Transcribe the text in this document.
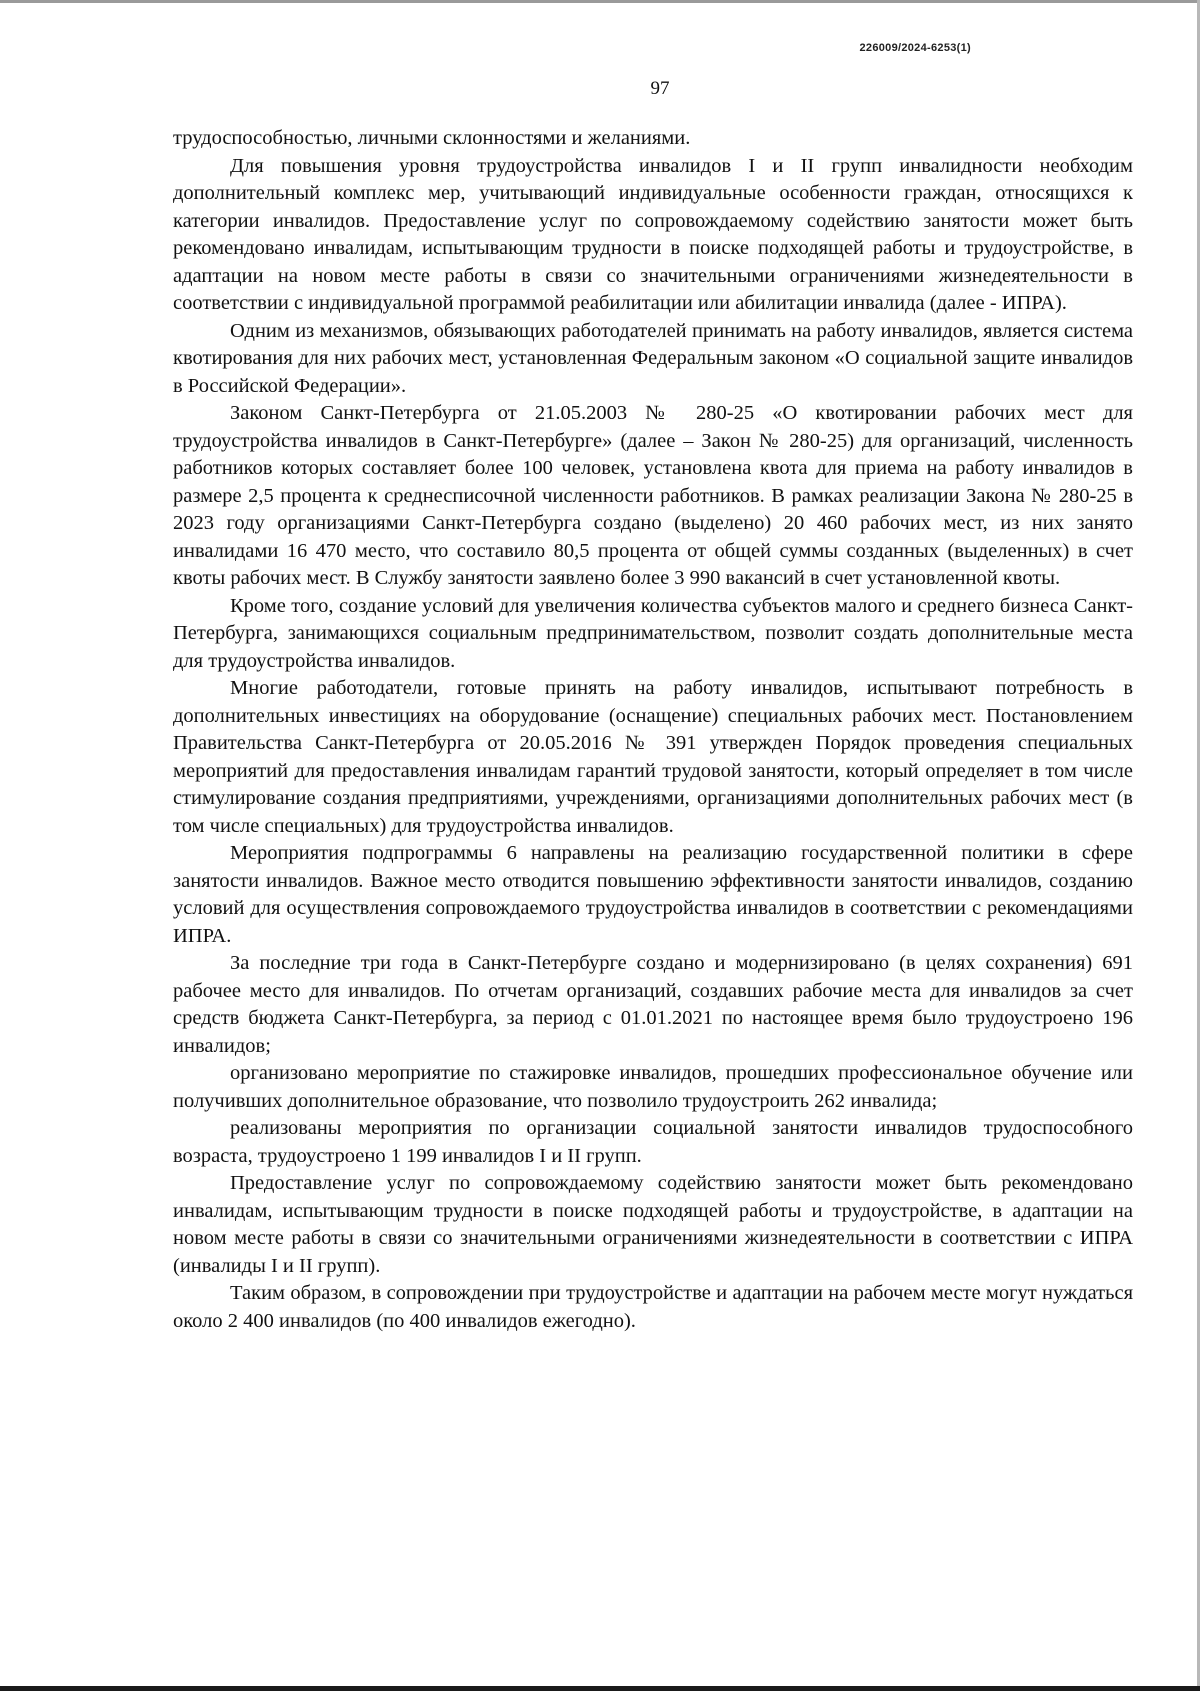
226009/2024-6253(1)
97

трудоспособностью, личными склонностями и желаниями.

Для повышения уровня трудоустройства инвалидов I и II групп инвалидности необходим дополнительный комплекс мер, учитывающий индивидуальные особенности граждан, относящихся к категории инвалидов. Предоставление услуг по сопровождаемому содействию занятости может быть рекомендовано инвалидам, испытывающим трудности в поиске подходящей работы и трудоустройстве, в адаптации на новом месте работы в связи со значительными ограничениями жизнедеятельности в соответствии с индивидуальной программой реабилитации или абилитации инвалида (далее - ИПРА).

Одним из механизмов, обязывающих работодателей принимать на работу инвалидов, является система квотирования для них рабочих мест, установленная Федеральным законом «О социальной защите инвалидов в Российской Федерации».

Законом Санкт-Петербурга от 21.05.2003 № 280-25 «О квотировании рабочих мест для трудоустройства инвалидов в Санкт-Петербурге» (далее – Закон № 280-25) для организаций, численность работников которых составляет более 100 человек, установлена квота для приема на работу инвалидов в размере 2,5 процента к среднесписочной численности работников. В рамках реализации Закона № 280-25 в 2023 году организациями Санкт-Петербурга создано (выделено) 20 460 рабочих мест, из них занято инвалидами 16 470 место, что составило 80,5 процента от общей суммы созданных (выделенных) в счет квоты рабочих мест. В Службу занятости заявлено более 3 990 вакансий в счет установленной квоты.

Кроме того, создание условий для увеличения количества субъектов малого и среднего бизнеса Санкт-Петербурга, занимающихся социальным предпринимательством, позволит создать дополнительные места для трудоустройства инвалидов.

Многие работодатели, готовые принять на работу инвалидов, испытывают потребность в дополнительных инвестициях на оборудование (оснащение) специальных рабочих мест. Постановлением Правительства Санкт-Петербурга от 20.05.2016 № 391 утвержден Порядок проведения специальных мероприятий для предоставления инвалидам гарантий трудовой занятости, который определяет в том числе стимулирование создания предприятиями, учреждениями, организациями дополнительных рабочих мест (в том числе специальных) для трудоустройства инвалидов.

Мероприятия подпрограммы 6 направлены на реализацию государственной политики в сфере занятости инвалидов. Важное место отводится повышению эффективности занятости инвалидов, созданию условий для осуществления сопровождаемого трудоустройства инвалидов в соответствии с рекомендациями ИПРА.

За последние три года в Санкт-Петербурге создано и модернизировано (в целях сохранения) 691 рабочее место для инвалидов. По отчетам организаций, создавших рабочие места для инвалидов за счет средств бюджета Санкт-Петербурга, за период с 01.01.2021 по настоящее время было трудоустроено 196 инвалидов;

организовано мероприятие по стажировке инвалидов, прошедших профессиональное обучение или получивших дополнительное образование, что позволило трудоустроить 262 инвалида;

реализованы мероприятия по организации социальной занятости инвалидов трудоспособного возраста, трудоустроено 1 199 инвалидов I и II групп.

Предоставление услуг по сопровождаемому содействию занятости может быть рекомендовано инвалидам, испытывающим трудности в поиске подходящей работы и трудоустройстве, в адаптации на новом месте работы в связи со значительными ограничениями жизнедеятельности в соответствии с ИПРА (инвалиды I и II групп).

Таким образом, в сопровождении при трудоустройстве и адаптации на рабочем месте могут нуждаться около 2 400 инвалидов (по 400 инвалидов ежегодно).
